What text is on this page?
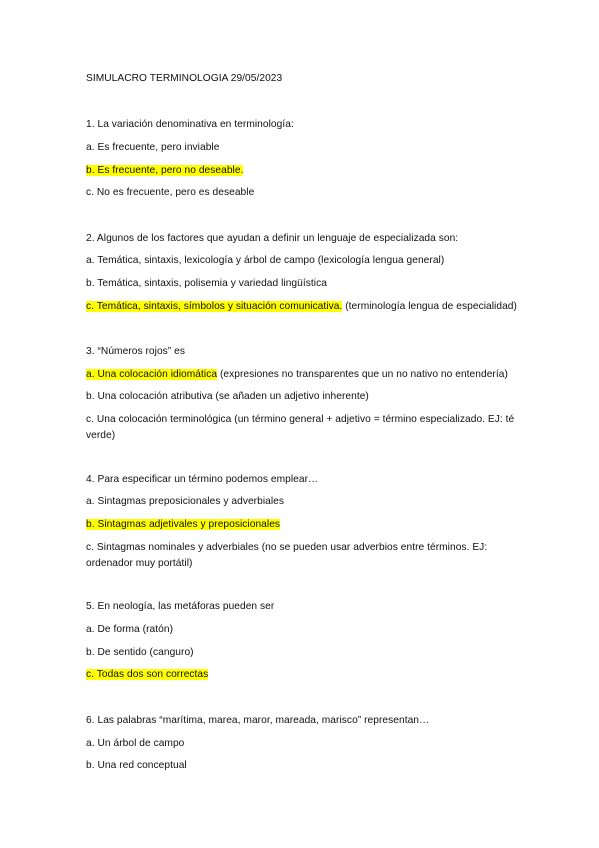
SIMULACRO TERMINOLOGIA 29/05/2023
1. La variación denominativa en terminología:
a. Es frecuente, pero inviable
b. Es frecuente, pero no deseable.
c. No es frecuente, pero es deseable
2. Algunos de los factores que ayudan a definir un lenguaje de especializada son:
a. Temática, sintaxis, lexicología y árbol de campo (lexicología lengua general)
b. Temática, sintaxis, polisemia y variedad lingüística
c. Temática, sintaxis, símbolos y situación comunicativa. (terminología lengua de especialidad)
3. “Números rojos” es
a. Una colocación idiomática (expresiones no transparentes que un no nativo no entendería)
b. Una colocación atributiva (se añaden un adjetivo inherente)
c. Una colocación terminológica (un término general + adjetivo = término especializado. EJ: té
verde)
4. Para especificar un término podemos emplear…
a. Sintagmas preposicionales y adverbiales
b. Sintagmas adjetivales y preposicionales
c. Sintagmas nominales y adverbiales (no se pueden usar adverbios entre términos. EJ:
ordenador muy portátil)
5. En neología, las metáforas pueden ser
a. De forma (ratón)
b. De sentido (canguro)
c. Todas dos son correctas
6. Las palabras “marítima, marea, maror, mareada, marisco” representan…
a. Un árbol de campo
b. Una red conceptual
